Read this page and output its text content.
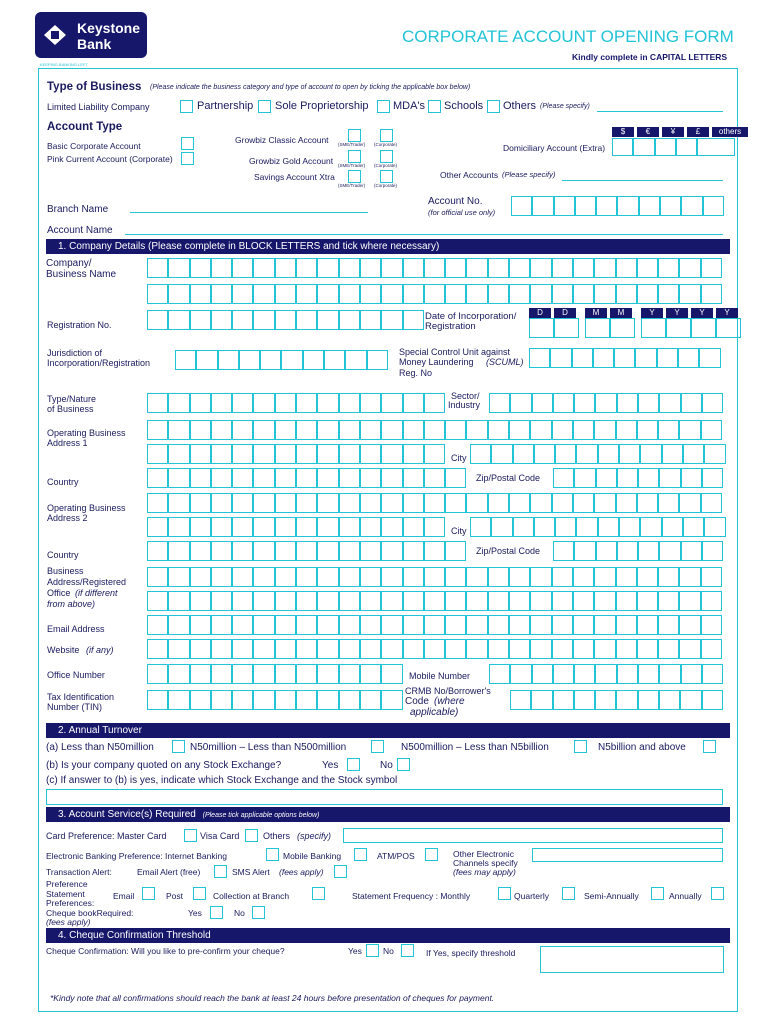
Keystone
Bank
KEEPING BANKING LEFT
CORPORATE ACCOUNT OPENING FORM
Kindly complete in CAPITAL LETTERS
Type of Business (Please indicate the business category and type of account to open by ticking the applicable box below)
Limited Liability Company	Partnership Sole Proprietorship MDA's Schools Others (Please specify)
Account Type
Basic Corporate Account
Pink Current Account (Corporate)
Growbiz Classic Account (SME/Trader) (Corporate)
Growbiz Gold Account (SME/Trader) (Corporate)
Savings Account Xtra
(SME/Trader) (Corporate)
$	€	¥	£	others
Domiciliary Account (Extra)
Other Accounts (Please specify)
Branch Name
Account No.
(for official use only)
Account Name
1. Company Details (Please complete in BLOCK LETTERS and tick where necessary)
Company/
Business Name
Registration No.
Date of Incorporation/
Registration
D	D	M	M	Y	Y	Y	Y
Jurisdiction of
Incorporation/Registration
Special Control Unit against
Money Laundering (SCUML)
Reg. No
Type/Nature
of Business
Sector/
Industry
Operating Business
Address 1
City
Country	Zip/Postal Code
Operating Business
Address 2
City
Country	Zip/Postal Code
Business
Address/Registered
Office (if different
from above)
Email Address
Website (if any)
Office Number	Mobile Number
Tax Identification
Number (TIN)
CRMB No/Borrower's
Code (where
applicable)
2. Annual Turnover
(a) Less than N50million	N50million – Less than N500million	N500million – Less than N5billion	N5billion and above
(b) Is your company quoted on any Stock Exchange?	Yes	No
(c) If answer to (b) is yes, indicate which Stock Exchange and the Stock symbol
3. Account Service(s) Required (Please tick applicable options below)
Card Preference: Master Card	Visa Card	Others (specify)
Electronic Banking Preference: Internet Banking	Mobile Banking	ATM/POS	Other Electronic
Channels specify
(fees may apply)
Transaction Alert:	Email Alert (free)	SMS Alert (fees apply)
Preference
Statement
Preferences:
Email	Post	Collection at Branch	Statement Frequency : Monthly	Quarterly	Semi-Annually	Annually
Cheque bookRequired:
(fees apply)
Yes	No
4. Cheque Confirmation Threshold
Cheque Confirmation: Will you like to pre-confirm your cheque?	Yes No	If Yes, specify threshold
*Kindy note that all confirmations should reach the bank at least 24 hours before presentation of cheques for payment.
